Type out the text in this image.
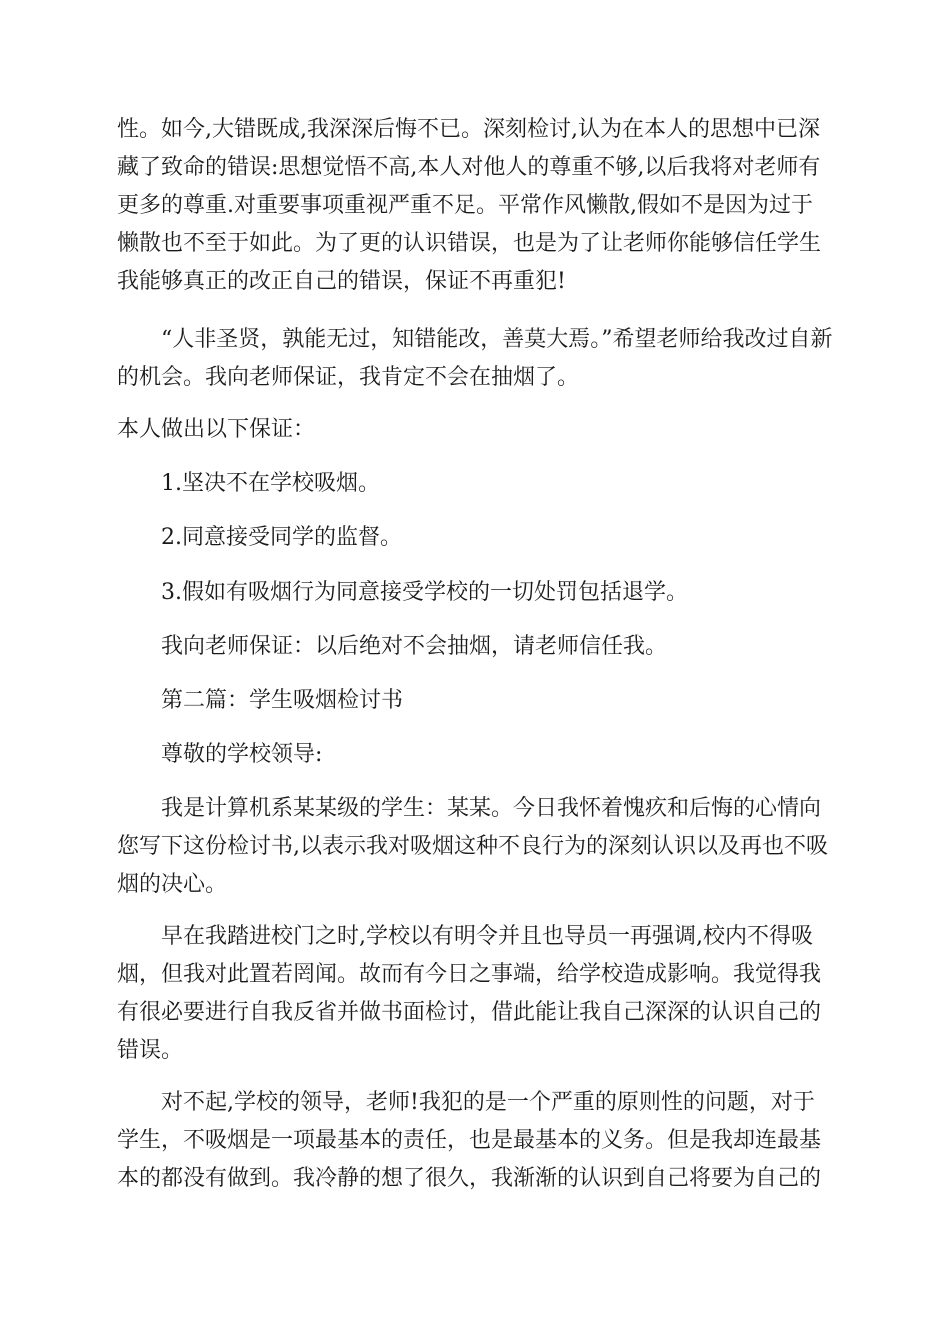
性。如今,大错既成,我深深后悔不已。深刻检讨,认为在本人的思想中已深藏了致命的错误:思想觉悟不高,本人对他人的尊重不够,以后我将对老师有更多的尊重.对重要事项重视严重不足。平常作风懒散,假如不是因为过于懒散也不至于如此。为了更的认识错误，也是为了让老师你能够信任学生我能够真正的改正自己的错误，保证不再重犯!

“人非圣贤，孰能无过，知错能改，善莫大焉。”希望老师给我改过自新的机会。我向老师保证，我肯定不会在抽烟了。

本人做出以下保证：

1.坚决不在学校吸烟。

2.同意接受同学的监督。

3.假如有吸烟行为同意接受学校的一切处罚包括退学。

我向老师保证：以后绝对不会抽烟，请老师信任我。

第二篇：学生吸烟检讨书

尊敬的学校领导:

我是计算机系某某级的学生：某某。今日我怀着愧疚和后悔的心情向您写下这份检讨书,以表示我对吸烟这种不良行为的深刻认识以及再也不吸烟的决心。

早在我踏进校门之时,学校以有明令并且也导员一再强调,校内不得吸烟，但我对此置若罔闻。故而有今日之事端，给学校造成影响。我觉得我有很必要进行自我反省并做书面检讨，借此能让我自己深深的认识自己的错误。

对不起,学校的领导，老师!我犯的是一个严重的原则性的问题，对于学生，不吸烟是一项最基本的责任，也是最基本的义务。但是我却连最基本的都没有做到。我冷静的想了很久，我渐渐的认识到自己将要为自己的
